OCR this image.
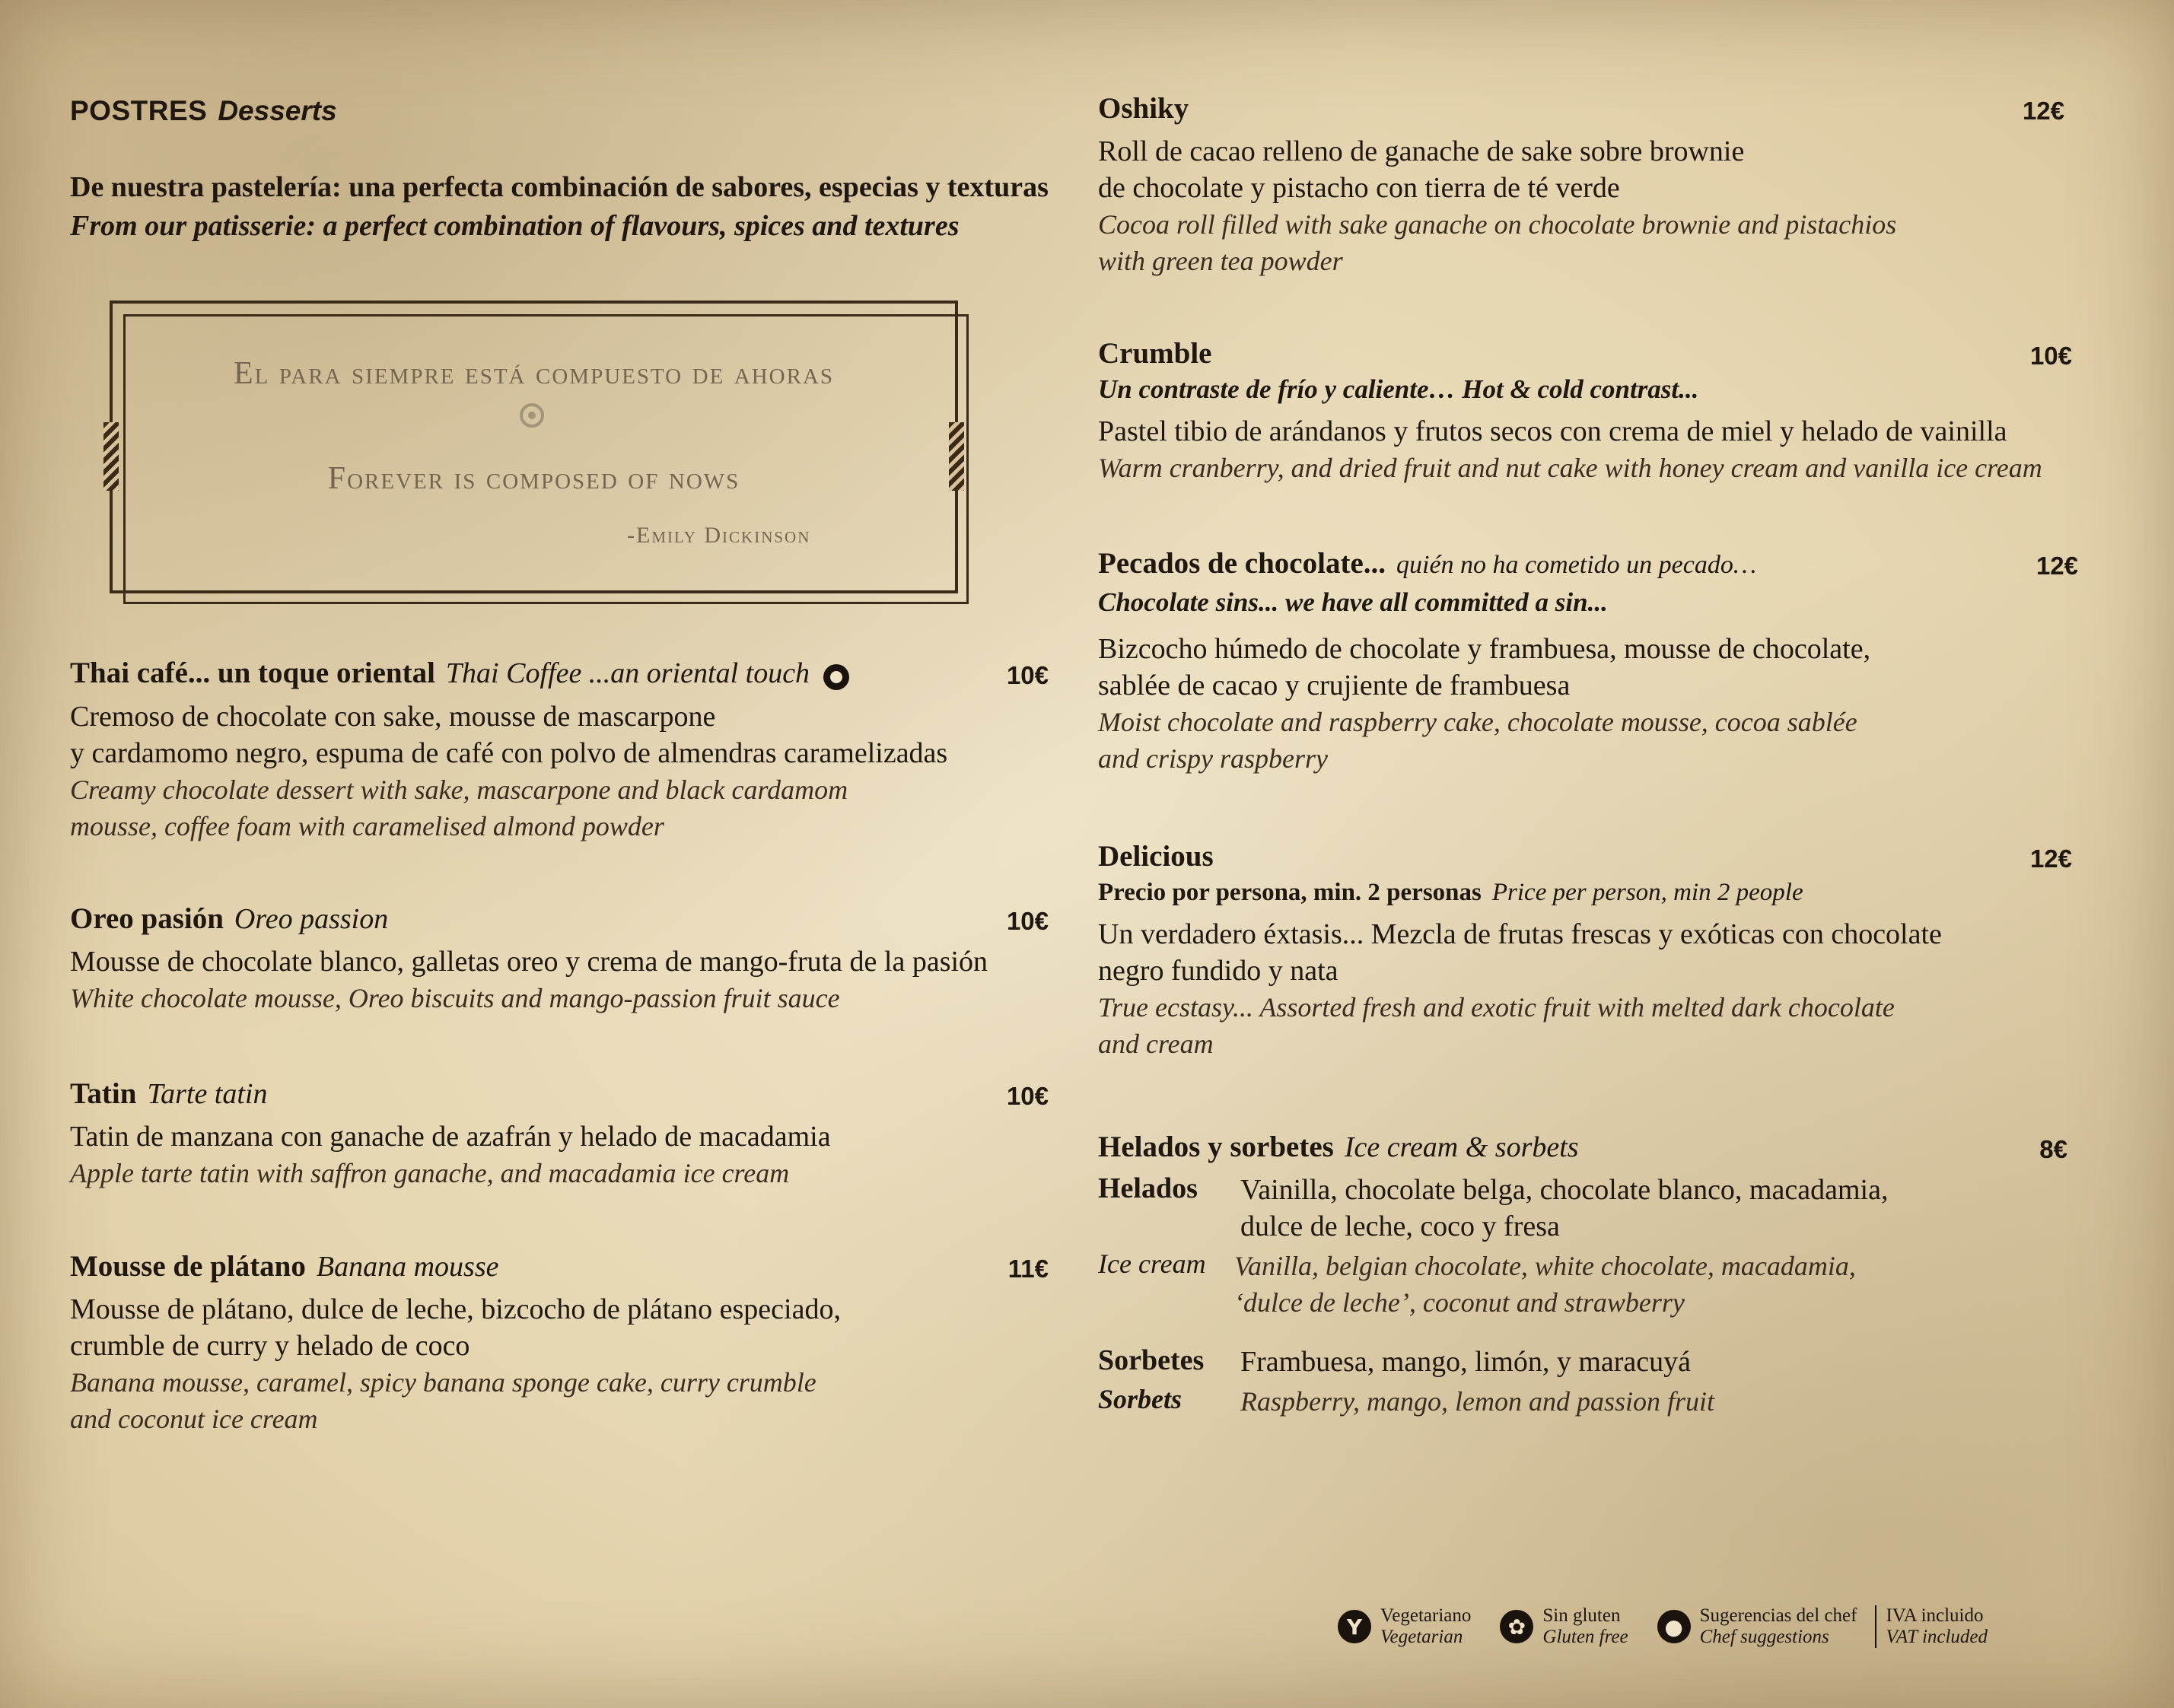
POSTRES Desserts
De nuestra pastelería: una perfecta combinación de sabores, especias y texturas
From our patisserie: a perfect combination of flavours, spices and textures
El para siempre está compuesto de ahoras
Forever is composed of nows
-Emily Dickinson
Thai café... un toque oriental Thai Coffee ...an oriental touch	10€
Cremoso de chocolate con sake, mousse de mascarpone
y cardamomo negro, espuma de café con polvo de almendras caramelizadas
Creamy chocolate dessert with sake, mascarpone and black cardamom
mousse, coffee foam with caramelised almond powder
Oreo pasión Oreo passion	10€
Mousse de chocolate blanco, galletas oreo y crema de mango-fruta de la pasión
White chocolate mousse, Oreo biscuits and mango-passion fruit sauce
Tatin Tarte tatin	10€
Tatin de manzana con ganache de azafrán y helado de macadamia
Apple tarte tatin with saffron ganache, and macadamia ice cream
Mousse de plátano Banana mousse	11€
Mousse de plátano, dulce de leche, bizcocho de plátano especiado,
crumble de curry y helado de coco
Banana mousse, caramel, spicy banana sponge cake, curry crumble
and coconut ice cream
Oshiky	12€
Roll de cacao relleno de ganache de sake sobre brownie
de chocolate y pistacho con tierra de té verde
Cocoa roll filled with sake ganache on chocolate brownie and pistachios
with green tea powder
Crumble	10€
Un contraste de frío y caliente… Hot & cold contrast...
Pastel tibio de arándanos y frutos secos con crema de miel y helado de vainilla
Warm cranberry, and dried fruit and nut cake with honey cream and vanilla ice cream
Pecados de chocolate... quién no ha cometido un pecado…	12€
Chocolate sins... we have all committed a sin...
Bizcocho húmedo de chocolate y frambuesa, mousse de chocolate,
sablée de cacao y crujiente de frambuesa
Moist chocolate and raspberry cake, chocolate mousse, cocoa sablée
and crispy raspberry
Delicious	12€
Precio por persona, min. 2 personas Price per person, min 2 people
Un verdadero éxtasis... Mezcla de frutas frescas y exóticas con chocolate
negro fundido y nata
True ecstasy... Assorted fresh and exotic fruit with melted dark chocolate
and cream
Helados y sorbetes Ice cream & sorbets	8€
Helados	Vainilla, chocolate belga, chocolate blanco, macadamia,
dulce de leche, coco y fresa
Ice cream	Vanilla, belgian chocolate, white chocolate, macadamia,
‘dulce de leche’, coconut and strawberry
Sorbetes	Frambuesa, mango, limón, y maracuyá
Sorbets	Raspberry, mango, lemon and passion fruit
Y Vegetariano
Vegetarian	✿ Sin gluten
Gluten free	● Sugerencias del chef
Chef suggestions
IVA incluido
VAT included
